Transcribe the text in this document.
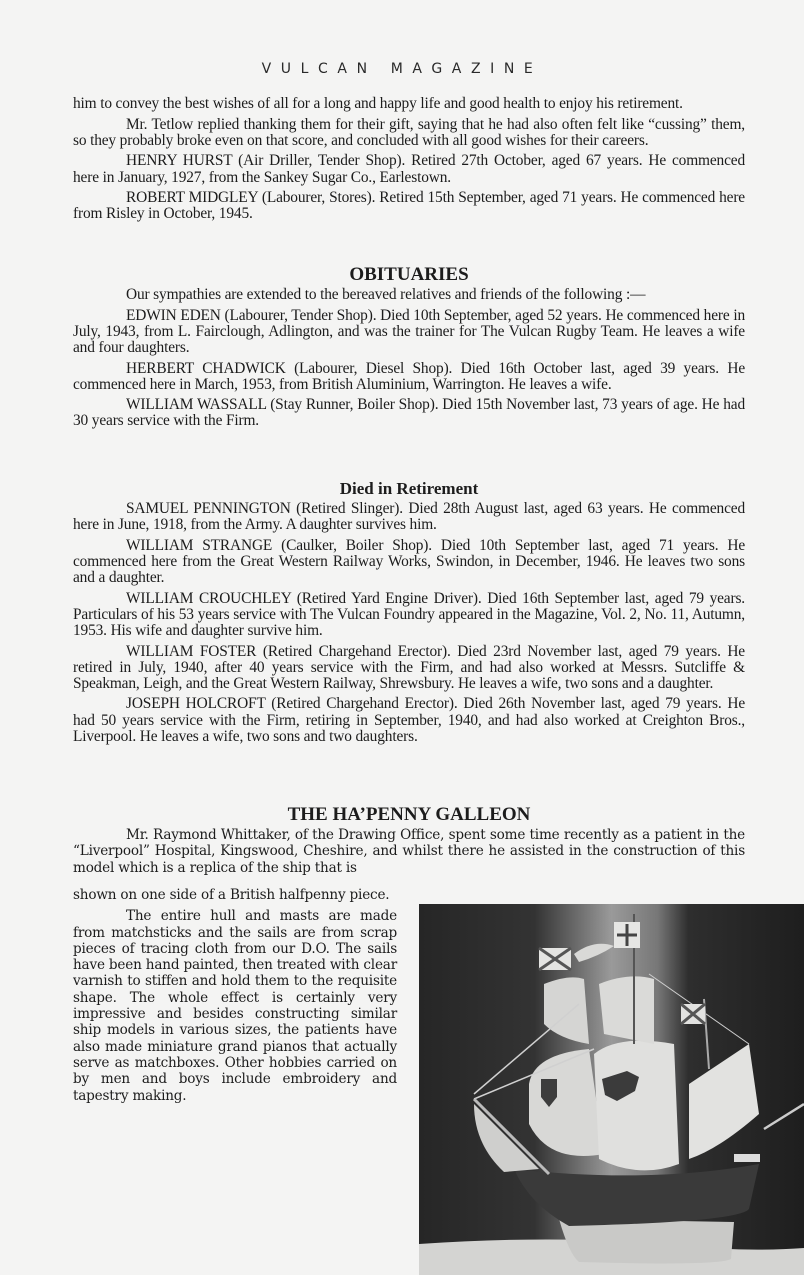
VULCAN MAGAZINE

him to convey the best wishes of all for a long and happy life and good health to enjoy his retirement.

Mr. Tetlow replied thanking them for their gift, saying that he had also often felt like “cussing” them, so they probably broke even on that score, and concluded with all good wishes for their careers.

HENRY HURST (Air Driller, Tender Shop). Retired 27th October, aged 67 years. He commenced here in January, 1927, from the Sankey Sugar Co., Earlestown.

ROBERT MIDGLEY (Labourer, Stores). Retired 15th September, aged 71 years. He commenced here from Risley in October, 1945.

OBITUARIES

Our sympathies are extended to the bereaved relatives and friends of the following :—

EDWIN EDEN (Labourer, Tender Shop). Died 10th September, aged 52 years. He commenced here in July, 1943, from L. Fairclough, Adlington, and was the trainer for The Vulcan Rugby Team. He leaves a wife and four daughters.

HERBERT CHADWICK (Labourer, Diesel Shop). Died 16th October last, aged 39 years. He commenced here in March, 1953, from British Aluminium, Warrington. He leaves a wife.

WILLIAM WASSALL (Stay Runner, Boiler Shop). Died 15th November last, 73 years of age. He had 30 years service with the Firm.

Died in Retirement

SAMUEL PENNINGTON (Retired Slinger). Died 28th August last, aged 63 years. He commenced here in June, 1918, from the Army. A daughter survives him.

WILLIAM STRANGE (Caulker, Boiler Shop). Died 10th September last, aged 71 years. He commenced here from the Great Western Railway Works, Swindon, in December, 1946. He leaves two sons and a daughter.

WILLIAM CROUCHLEY (Retired Yard Engine Driver). Died 16th September last, aged 79 years. Particulars of his 53 years service with The Vulcan Foundry appeared in the Magazine, Vol. 2, No. 11, Autumn, 1953. His wife and daughter survive him.

WILLIAM FOSTER (Retired Chargehand Erector). Died 23rd November last, aged 79 years. He retired in July, 1940, after 40 years service with the Firm, and had also worked at Messrs. Sutcliffe & Speakman, Leigh, and the Great Western Railway, Shrewsbury. He leaves a wife, two sons and a daughter.

JOSEPH HOLCROFT (Retired Chargehand Erector). Died 26th November last, aged 79 years. He had 50 years service with the Firm, retiring in September, 1940, and had also worked at Creighton Bros., Liverpool. He leaves a wife, two sons and two daughters.

THE HA’PENNY GALLEON

Mr. Raymond Whittaker, of the Drawing Office, spent some time recently as a patient in the “Liverpool” Hospital, Kingswood, Cheshire, and whilst there he assisted in the construction of this model which is a replica of the ship that is

shown on one side of a British halfpenny piece.

The entire hull and masts are made from matchsticks and the sails are from scrap pieces of tracing cloth from our D.O. The sails have been hand painted, then treated with clear varnish to stiffen and hold them to the requisite shape. The whole effect is certainly very impressive and besides constructing similar ship models in various sizes, the patients have also made miniature grand pianos that actually serve as matchboxes. Other hobbies carried on by men and boys include embroidery and tapestry making.
